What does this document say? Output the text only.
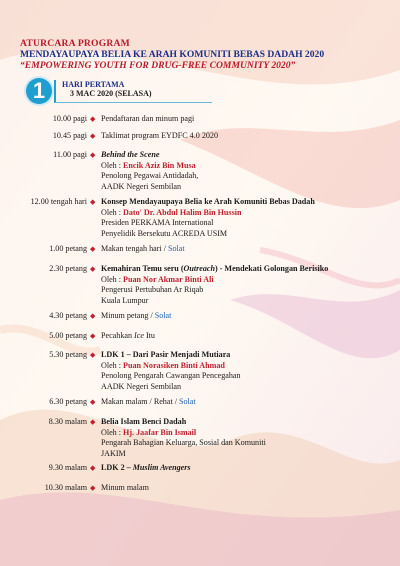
ATURCARA PROGRAM
MENDAYAUPAYA BELIA KE ARAH KOMUNITI BEBAS DADAH 2020
“EMPOWERING YOUTH FOR DRUG-FREE COMMUNITY 2020”
1	HARI PERTAMA
3 MAC 2020 (SELASA)
10.00 pagi ◆ Pendaftaran dan minum pagi
10.45 pagi ◆ Taklimat program EYDFC 4.0 2020
11.00 pagi ◆ Behind the Scene
Oleh : Encik Aziz Bin Musa
Penolong Pegawai Antidadah,
AADK Negeri Sembilan
12.00 tengah hari ◆ Konsep Mendayaupaya Belia ke Arah Komuniti Bebas Dadah
Oleh : Dato' Dr. Abdul Halim Bin Hussin
Presiden PERKAMA International
Penyelidik Bersekutu ACREDA USIM
1.00 petang ◆ Makan tengah hari / Solat
2.30 petang ◆ Kemahiran Temu seru (Outreach) - Mendekati Golongan Berisiko
Oleh : Puan Nor Akmar Binti Ali
Pengerusi Pertubuhan Ar Riqab
Kuala Lumpur
4.30 petang ◆ Minum petang / Solat
5.00 petang ◆ Pecahkan Ice Itu
5.30 petang ◆ LDK 1 – Dari Pasir Menjadi Mutiara
Oleh : Puan Norasiken Binti Ahmad
Penolong Pengarah Cawangan Pencegahan
AADK Negeri Sembilan
6.30 petang ◆ Makan malam / Rehat / Solat
8.30 malam ◆ Belia Islam Benci Dadah
Oleh : Hj. Jaafar Bin Ismail
Pengarah Bahagian Keluarga, Sosial dan Komuniti
JAKIM
9.30 malam ◆ LDK 2 – Muslim Avengers
10.30 malam ◆ Minum malam
